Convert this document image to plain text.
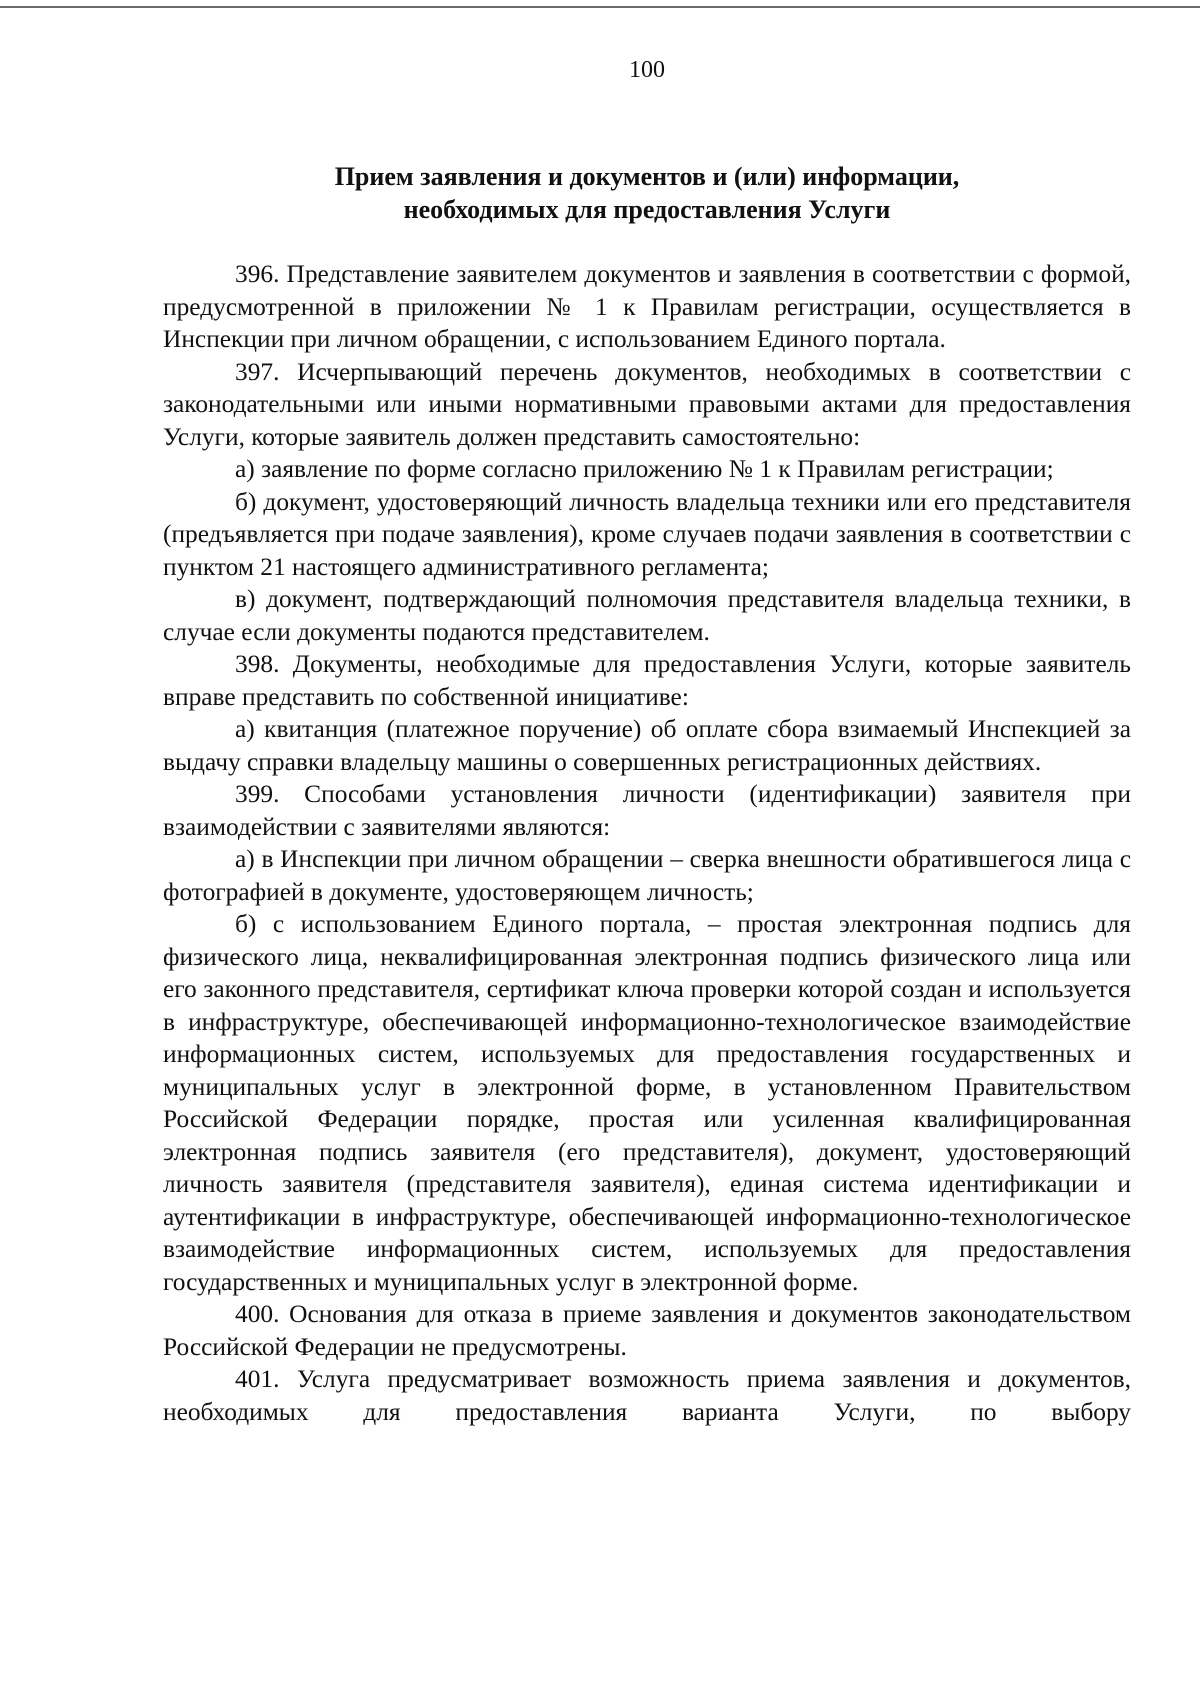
100
Прием заявления и документов и (или) информации,
необходимых для предоставления Услуги

396. Представление заявителем документов и заявления в соответствии с формой, предусмотренной в приложении № 1 к Правилам регистрации, осуществляется в Инспекции при личном обращении, с использованием Единого портала.

397. Исчерпывающий перечень документов, необходимых в соответствии с законодательными или иными нормативными правовыми актами для предоставления Услуги, которые заявитель должен представить самостоятельно:

а) заявление по форме согласно приложению № 1 к Правилам регистрации;

б) документ, удостоверяющий личность владельца техники или его представителя (предъявляется при подаче заявления), кроме случаев подачи заявления в соответствии с пунктом 21 настоящего административного регламента;

в) документ, подтверждающий полномочия представителя владельца техники, в случае если документы подаются представителем.

398. Документы, необходимые для предоставления Услуги, которые заявитель вправе представить по собственной инициативе:

а) квитанция (платежное поручение) об оплате сбора взимаемый Инспекцией за выдачу справки владельцу машины о совершенных регистрационных действиях.

399. Способами установления личности (идентификации) заявителя при взаимодействии с заявителями являются:

а) в Инспекции при личном обращении – сверка внешности обратившегося лица с фотографией в документе, удостоверяющем личность;

б) с использованием Единого портала, – простая электронная подпись для физического лица, неквалифицированная электронная подпись физического лица или его законного представителя, сертификат ключа проверки которой создан и используется в инфраструктуре, обеспечивающей информационно-технологическое взаимодействие информационных систем, используемых для предоставления государственных и муниципальных услуг в электронной форме, в установленном Правительством Российской Федерации порядке, простая или усиленная квалифицированная электронная подпись заявителя (его представителя), документ, удостоверяющий личность заявителя (представителя заявителя), единая система идентификации и аутентификации в инфраструктуре, обеспечивающей информационно-технологическое взаимодействие информационных систем, используемых для предоставления государственных и муниципальных услуг в электронной форме.

400. Основания для отказа в приеме заявления и документов законодательством Российской Федерации не предусмотрены.

401. Услуга предусматривает возможность приема заявления и документов, необходимых для предоставления варианта Услуги, по выбору
